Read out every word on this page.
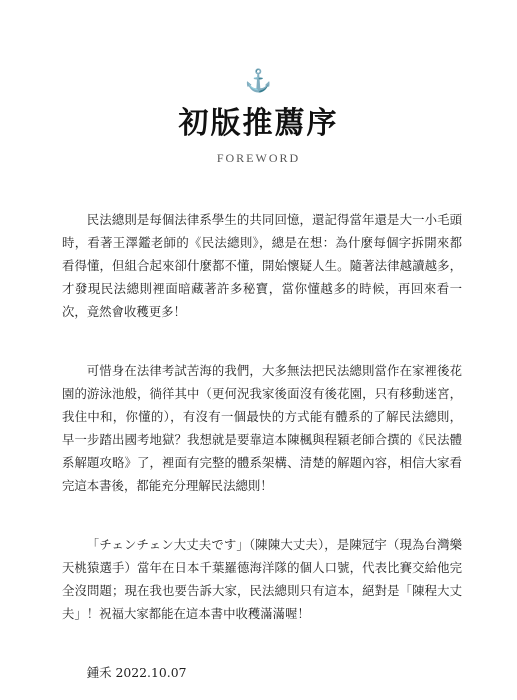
⚓
初版推薦序
FOREWORD

民法總則是每個法律系學生的共同回憶，還記得當年還是大一小毛頭時，看著王澤鑑老師的《民法總則》，總是在想：為什麼每個字拆開來都看得懂，但組合起來卻什麼都不懂，開始懷疑人生。隨著法律越讀越多，才發現民法總則裡面暗藏著許多秘寶，當你懂越多的時候，再回來看一次，竟然會收穫更多！

可惜身在法律考試苦海的我們，大多無法把民法總則當作在家裡後花園的游泳池般，徜徉其中（更何況我家後面沒有後花園，只有移動迷宮，我住中和，你懂的），有沒有一個最快的方式能有體系的了解民法總則，早一步踏出國考地獄？我想就是要靠這本陳楓與程穎老師合撰的《民法體系解題攻略》了，裡面有完整的體系架構、清楚的解題內容，相信大家看完這本書後，都能充分理解民法總則！

「チェンチェン大丈夫です」（陳陳大丈夫），是陳冠宇（現為台灣樂天桃猿選手）當年在日本千葉羅德海洋隊的個人口號，代表比賽交給他完全沒問題；現在我也要告訴大家，民法總則只有這本，絕對是「陳程大丈夫」！祝福大家都能在這本書中收穫滿滿喔！

鍾禾 2022.10.07
